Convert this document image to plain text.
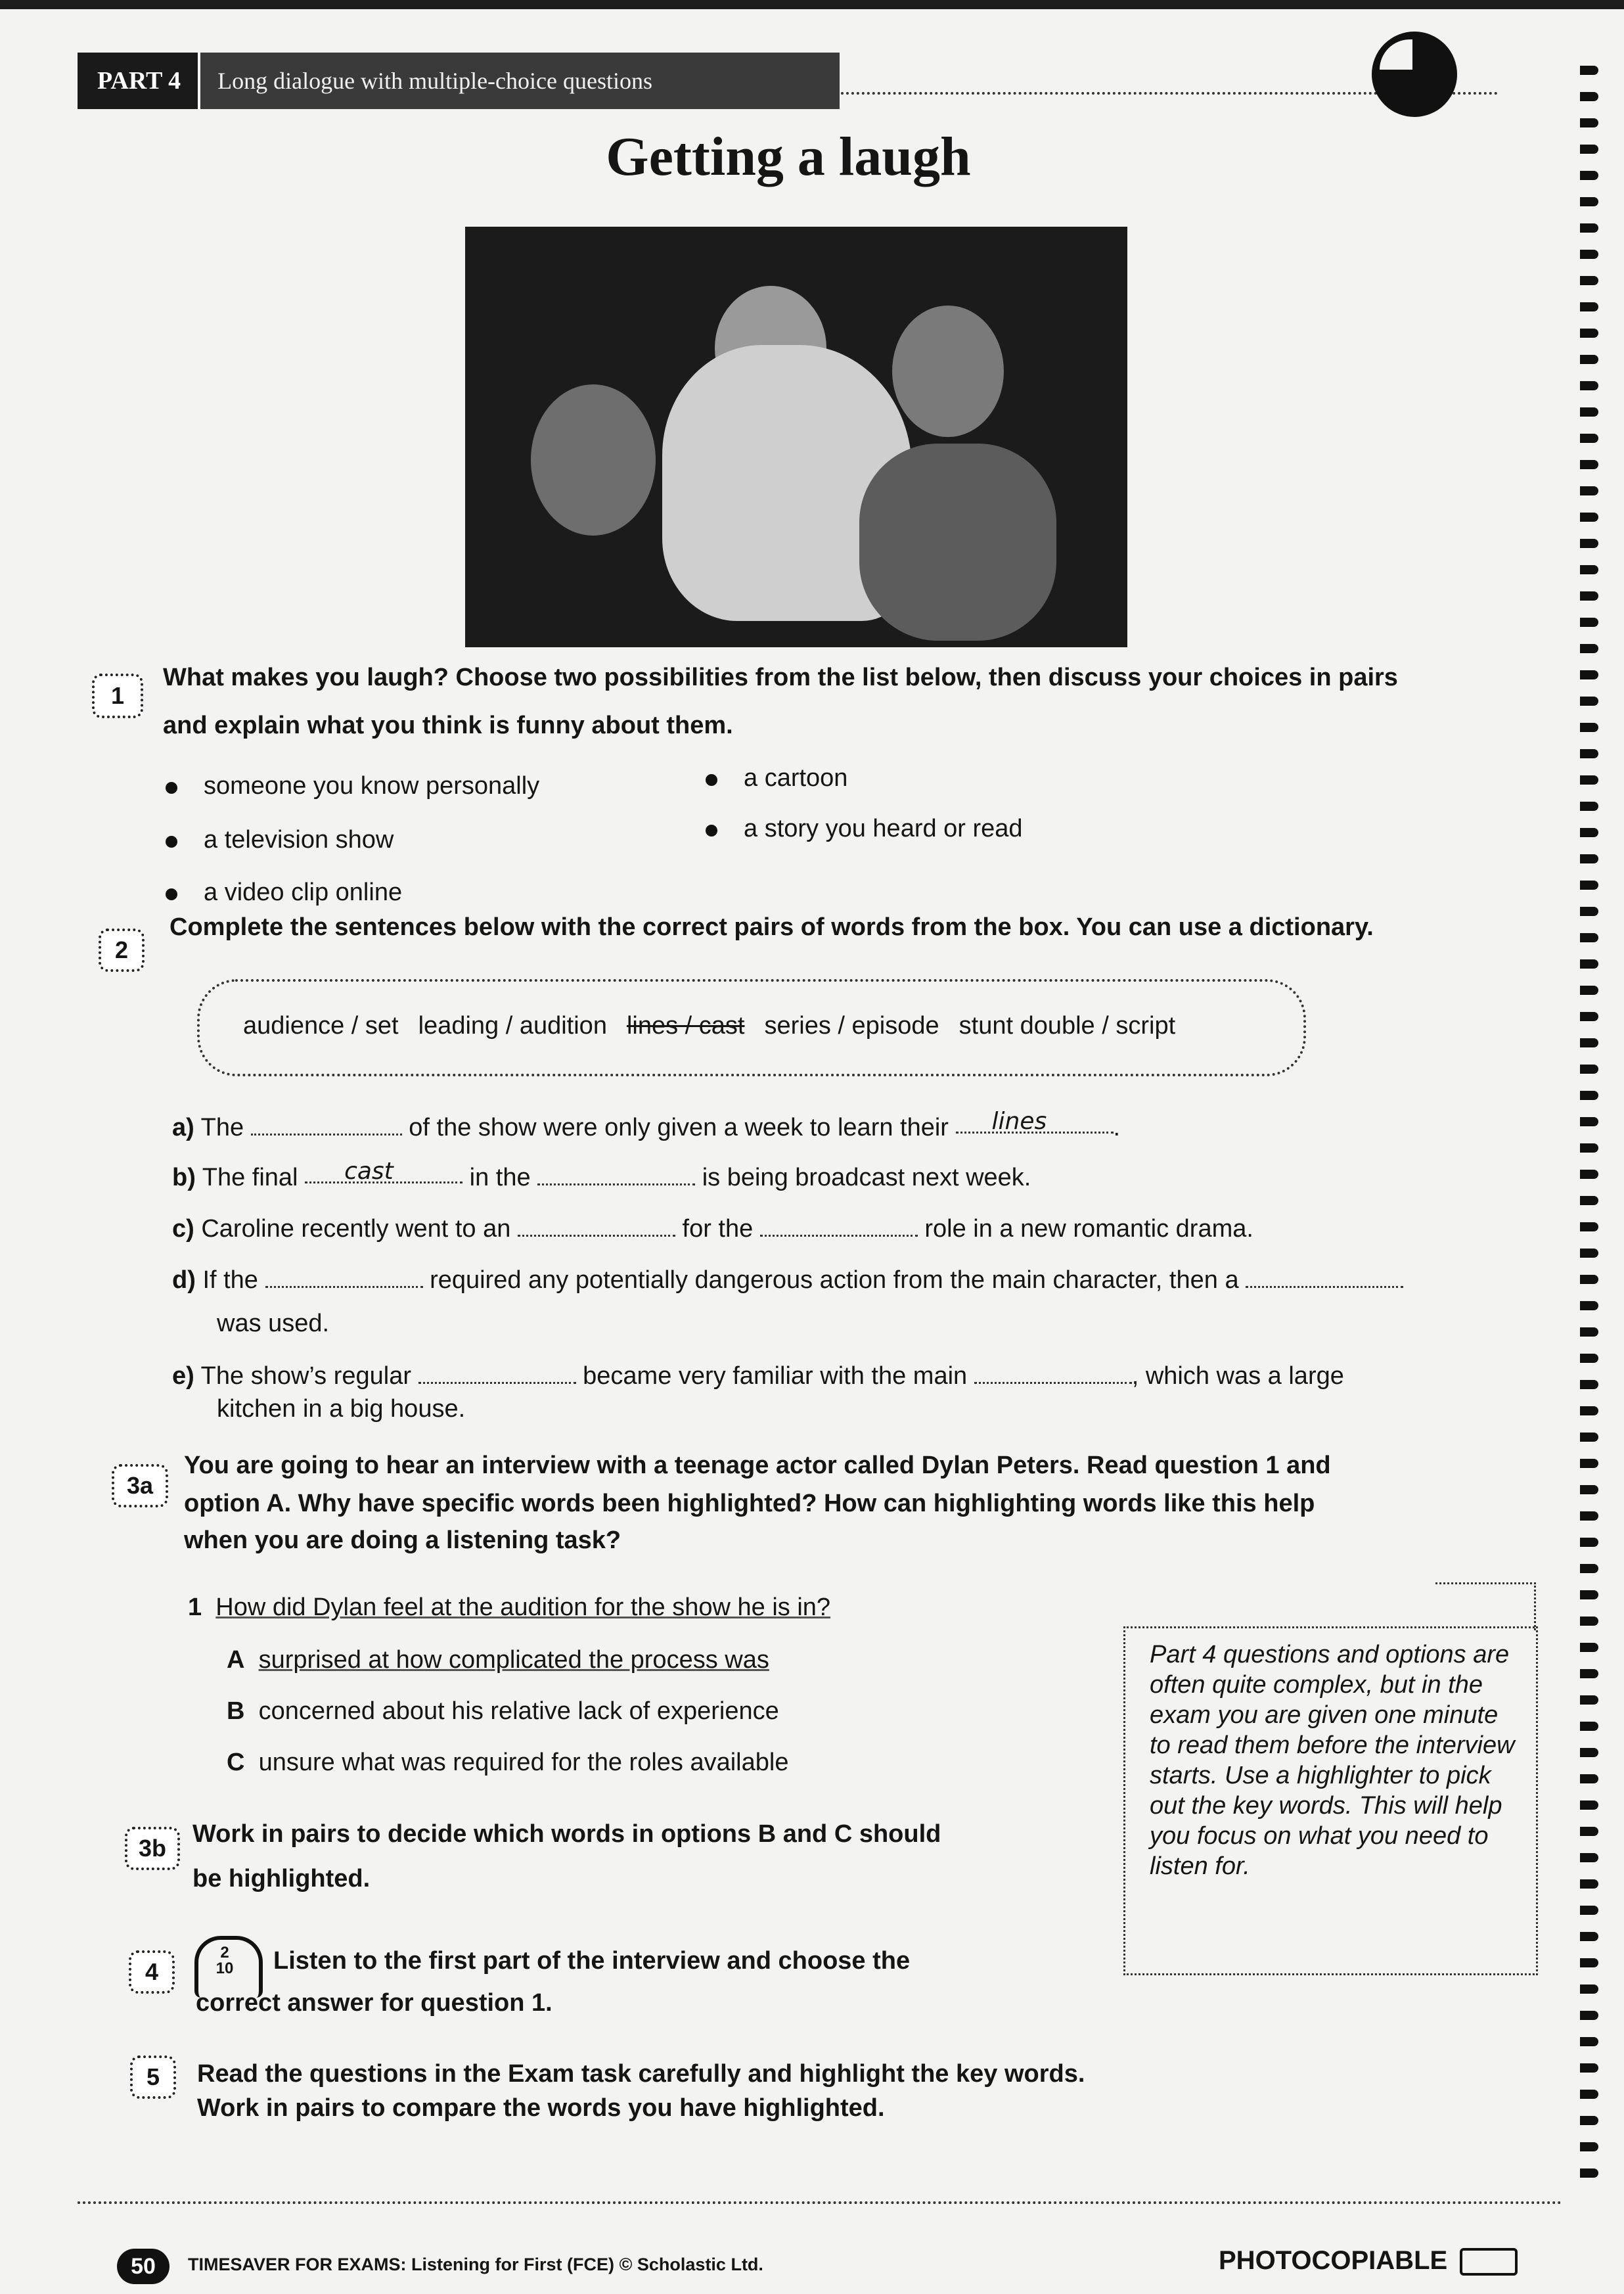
PART 4	Long dialogue with multiple-choice questions
Getting a laugh
1
What makes you laugh? Choose two possibilities from the list below, then discuss your choices in pairs
and explain what you think is funny about them.
someone you know personally
a television show
a video clip online
a cartoon
a story you heard or read
2
Complete the sentences below with the correct pairs of words from the box. You can use a dictionary.
audience / set leading / audition lines / cast series / episode stunt double / script
a) The	of the show were only given a week to learn their lines	.
b) The final cast	in the	is being broadcast next week.
c) Caroline recently went to an	for the	role in a new romantic drama.
d) If the	required any potentially dangerous action from the main character, then a
was used.
e) The show’s regular	became very familiar with the main	, which was a large
kitchen in a big house.
3a
You are going to hear an interview with a teenage actor called Dylan Peters. Read question 1 and
option A. Why have specific words been highlighted? How can highlighting words like this help
when you are doing a listening task?
1 How did Dylan feel at the audition for the show he is in?
A surprised at how complicated the process was
B concerned about his relative lack of experience
C unsure what was required for the roles available
Part 4 questions and options are often quite complex, but in the exam you are given one minute to read them before the interview starts. Use a highlighter to pick out the key words. This will help you focus on what you need to listen for.
3b
Work in pairs to decide which words in options B and C should
be highlighted.
4
2
10	Listen to the first part of the interview and choose the
correct answer for question 1.
5	Read the questions in the Exam task carefully and highlight the key words.
Work in pairs to compare the words you have highlighted.
50	TIMESAVER FOR EXAMS: Listening for First (FCE) © Scholastic Ltd.	PHOTOCOPIABLE
